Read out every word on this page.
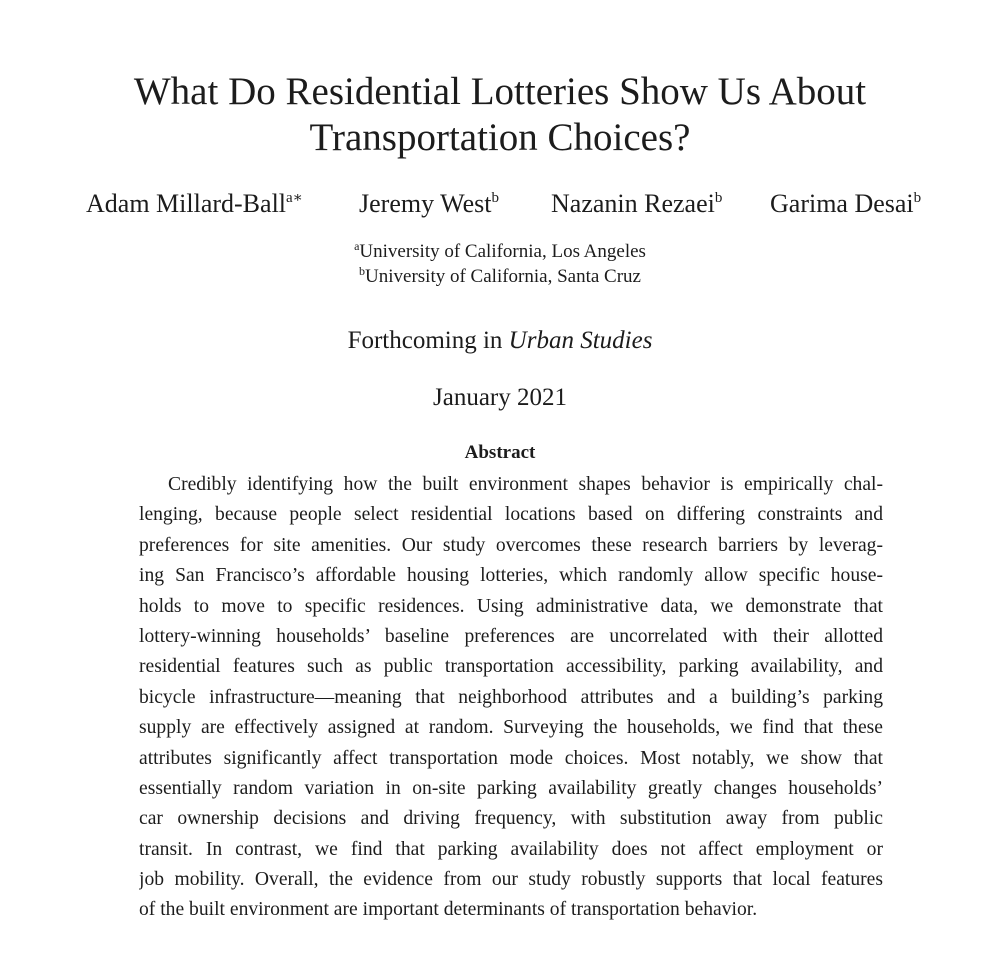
What Do Residential Lotteries Show Us About
Transportation Choices?
Adam Millard-Ball$^{a∗}$ Jeremy West$^b$ Nazanin Rezaei$^b$ Garima Desai$^b$
$^a$University of California, Los Angeles
$^b$University of California, Santa Cruz
Forthcoming in Urban Studies
January 2021
Abstract
Credibly identifying how the built environment shapes behavior is empirically chal-
lenging, because people select residential locations based on differing constraints and
preferences for site amenities. Our study overcomes these research barriers by leverag-
ing San Francisco’s affordable housing lotteries, which randomly allow specific house-
holds to move to specific residences. Using administrative data, we demonstrate that
lottery-winning households’ baseline preferences are uncorrelated with their allotted
residential features such as public transportation accessibility, parking availability, and
bicycle infrastructure—meaning that neighborhood attributes and a building’s parking
supply are effectively assigned at random. Surveying the households, we find that these
attributes significantly affect transportation mode choices. Most notably, we show that
essentially random variation in on-site parking availability greatly changes households’
car ownership decisions and driving frequency, with substitution away from public
transit. In contrast, we find that parking availability does not affect employment or
job mobility. Overall, the evidence from our study robustly supports that local features
of the built environment are important determinants of transportation behavior.
